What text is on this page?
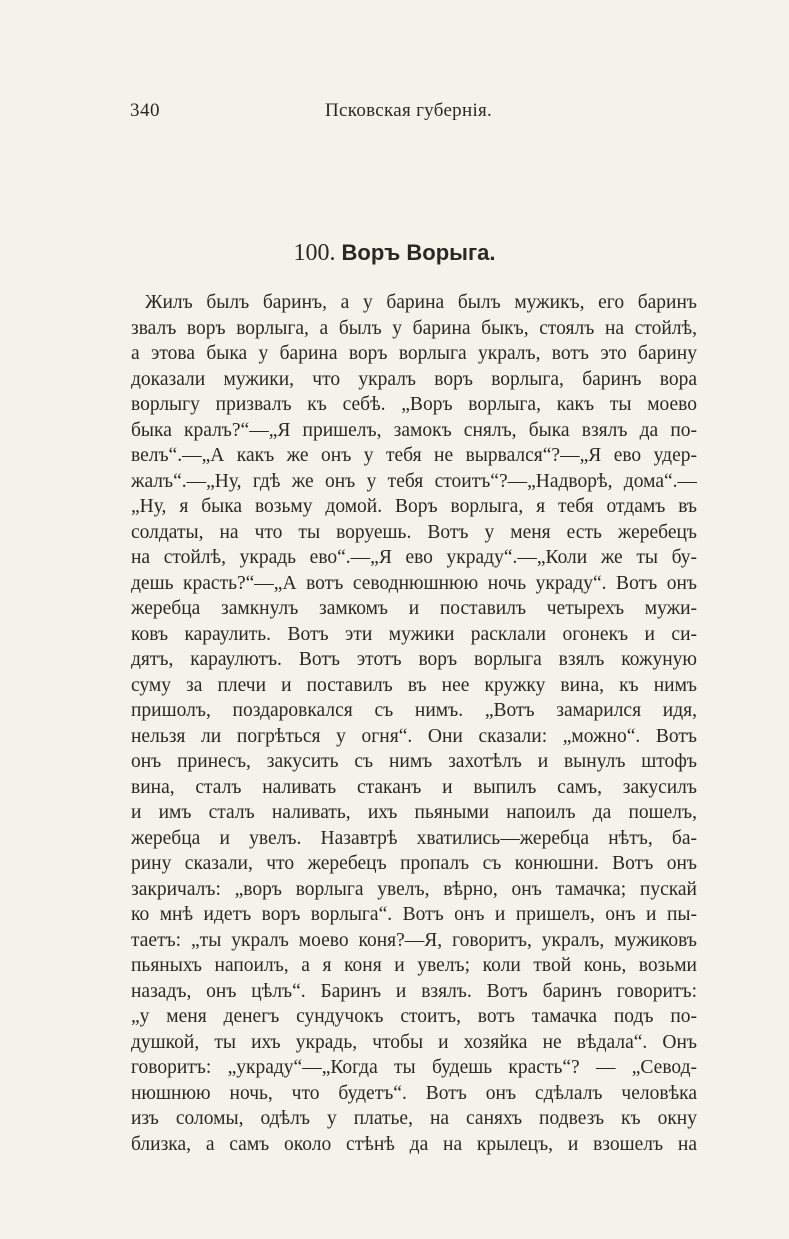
340	Псковская губернія.
100. Воръ Ворыга.
Жилъ былъ баринъ, а у барина былъ мужикъ, его баринъ
звалъ воръ ворлыга, а былъ у барина быкъ, стоялъ на стойлѣ,
а этова быка у барина воръ ворлыга укралъ, вотъ это барину
доказали мужики, что укралъ воръ ворлыга, баринъ вора
ворлыгу призвалъ къ себѣ. „Воръ ворлыга, какъ ты моево
быка кралъ?“—„Я пришелъ, замокъ снялъ, быка взялъ да по-
велъ“.—„А какъ же онъ у тебя не вырвался“?—„Я ево удер-
жалъ“.—„Ну, гдѣ же онъ у тебя стоитъ“?—„Надворѣ, дома“.—
„Ну, я быка возьму домой. Воръ ворлыга, я тебя отдамъ въ
солдаты, на что ты воруешь. Вотъ у меня есть жеребецъ
на стойлѣ, украдь ево“.—„Я ево украду“.—„Коли же ты бу-
дешь красть?“—„А вотъ севоднюшнюю ночь украду“. Вотъ онъ
жеребца замкнулъ замкомъ и поставилъ четырехъ мужи-
ковъ караулить. Вотъ эти мужики расклали огонекъ и си-
дятъ, караулютъ. Вотъ этотъ воръ ворлыга взялъ кожуную
суму за плечи и поставилъ въ нее кружку вина, къ нимъ
пришолъ, поздаровкался съ нимъ. „Вотъ замарился идя,
нельзя ли погрѣться у огня“. Они сказали: „можно“. Вотъ
онъ принесъ, закусить съ нимъ захотѣлъ и вынулъ штофъ
вина, сталъ наливать стаканъ и выпилъ самъ, закусилъ
и имъ сталъ наливать, ихъ пьяными напоилъ да пошелъ,
жеребца и увелъ. Назавтрѣ хватились—жеребца нѣтъ, ба-
рину сказали, что жеребецъ пропалъ съ конюшни. Вотъ онъ
закричалъ: „воръ ворлыга увелъ, вѣрно, онъ тамачка; пускай
ко мнѣ идетъ воръ ворлыга“. Вотъ онъ и пришелъ, онъ и пы-
таетъ: „ты укралъ моево коня?—Я, говоритъ, укралъ, мужиковъ
пьяныхъ напоилъ, а я коня и увелъ; коли твой конь, возьми
назадъ, онъ цѣлъ“. Баринъ и взялъ. Вотъ баринъ говоритъ:
„у меня денегъ сундучокъ стоитъ, вотъ тамачка подъ по-
душкой, ты ихъ украдь, чтобы и хозяйка не вѣдала“. Онъ
говоритъ: „украду“—„Когда ты будешь красть“? — „Севод-
нюшнюю ночь, что будетъ“. Вотъ онъ сдѣлалъ человѣка
изъ соломы, одѣлъ у платье, на саняхъ подвезъ къ окну
близка, а самъ около стѣнѣ да на крылецъ, и взошелъ на
